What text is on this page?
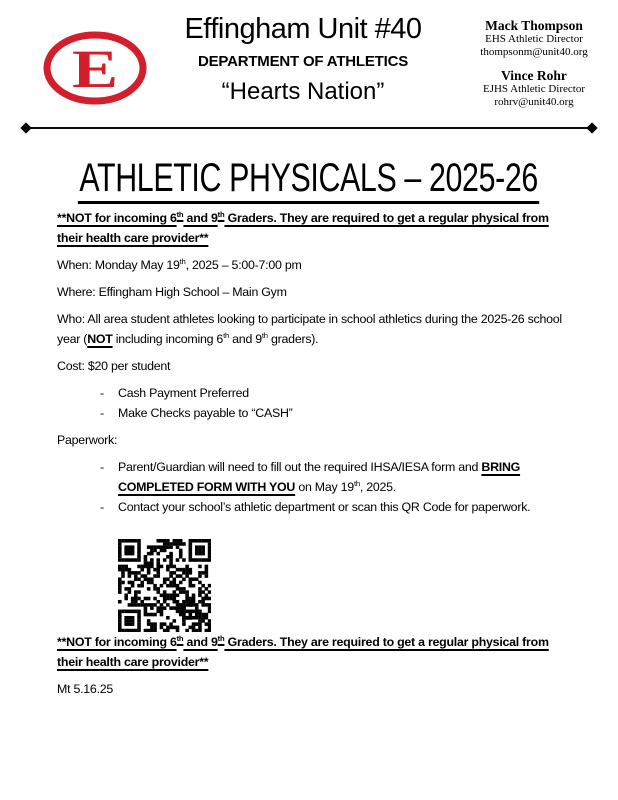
E
Effingham Unit #40
DEPARTMENT OF ATHLETICS
“Hearts Nation”
Mack Thompson
EHS Athletic Director
thompsonm@unit40.org
Vince Rohr
EJHS Athletic Director
rohrv@unit40.org
ATHLETIC PHYSICALS – 2025-26

**NOT for incoming 6th and 9th Graders. They are required to get a regular physical from their health care provider**

When: Monday May 19th, 2025 – 5:00-7:00 pm

Where: Effingham High School – Main Gym

Who: All area student athletes looking to participate in school athletics during the 2025-26 school year (NOT including incoming 6th and 9th graders).

Cost: $20 per student

-	Cash Payment Preferred
-	Make Checks payable to “CASH”

Paperwork:

-	Parent/Guardian will need to fill out the required IHSA/IESA form and BRING COMPLETED FORM WITH YOU on May 19th, 2025.
-	Contact your school’s athletic department or scan this QR Code for paperwork.

**NOT for incoming 6th and 9th Graders. They are required to get a regular physical from their health care provider**

Mt 5.16.25
